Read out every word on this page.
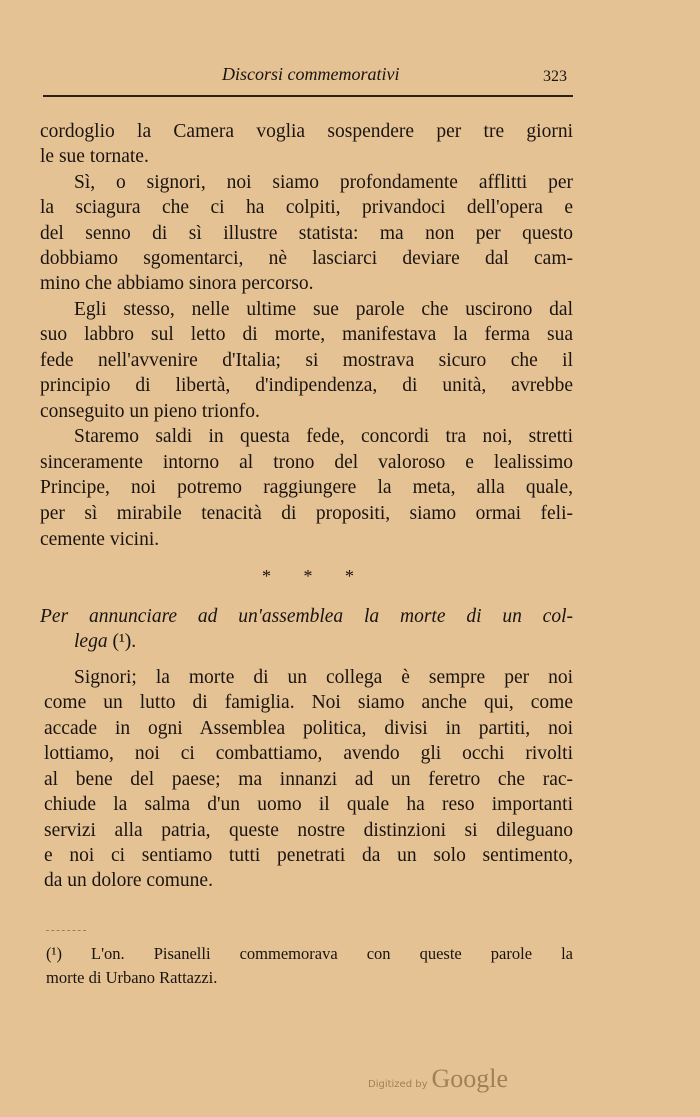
Discorsi commemorativi	323
cordoglio la Camera voglia sospendere per tre giorni
le sue tornate.
Sì, o signori, noi siamo profondamente afflitti per
la sciagura che ci ha colpiti, privandoci dell'opera e
del senno di sì illustre statista: ma non per questo
dobbiamo sgomentarci, nè lasciarci deviare dal cam-
mino che abbiamo sinora percorso.
Egli stesso, nelle ultime sue parole che uscirono dal
suo labbro sul letto di morte, manifestava la ferma sua
fede nell'avvenire d'Italia; si mostrava sicuro che il
principio di libertà, d'indipendenza, di unità, avrebbe
conseguito un pieno trionfo.
Staremo saldi in questa fede, concordi tra noi, stretti
sinceramente intorno al trono del valoroso e lealissimo
Principe, noi potremo raggiungere la meta, alla quale,
per sì mirabile tenacità di propositi, siamo ormai feli-
cemente vicini.
* * *
Per annunciare ad un'assemblea la morte di un col-
lega (¹).
Signori; la morte di un collega è sempre per noi
come un lutto di famiglia. Noi siamo anche qui, come
accade in ogni Assemblea politica, divisi in partiti, noi
lottiamo, noi ci combattiamo, avendo gli occhi rivolti
al bene del paese; ma innanzi ad un feretro che rac-
chiude la salma d'un uomo il quale ha reso importanti
servizi alla patria, queste nostre distinzioni si dileguano
e noi ci sentiamo tutti penetrati da un solo sentimento,
da un dolore comune.
(¹) L'on. Pisanelli commemorava con queste parole la
morte di Urbano Rattazzi.
Digitized by Google
